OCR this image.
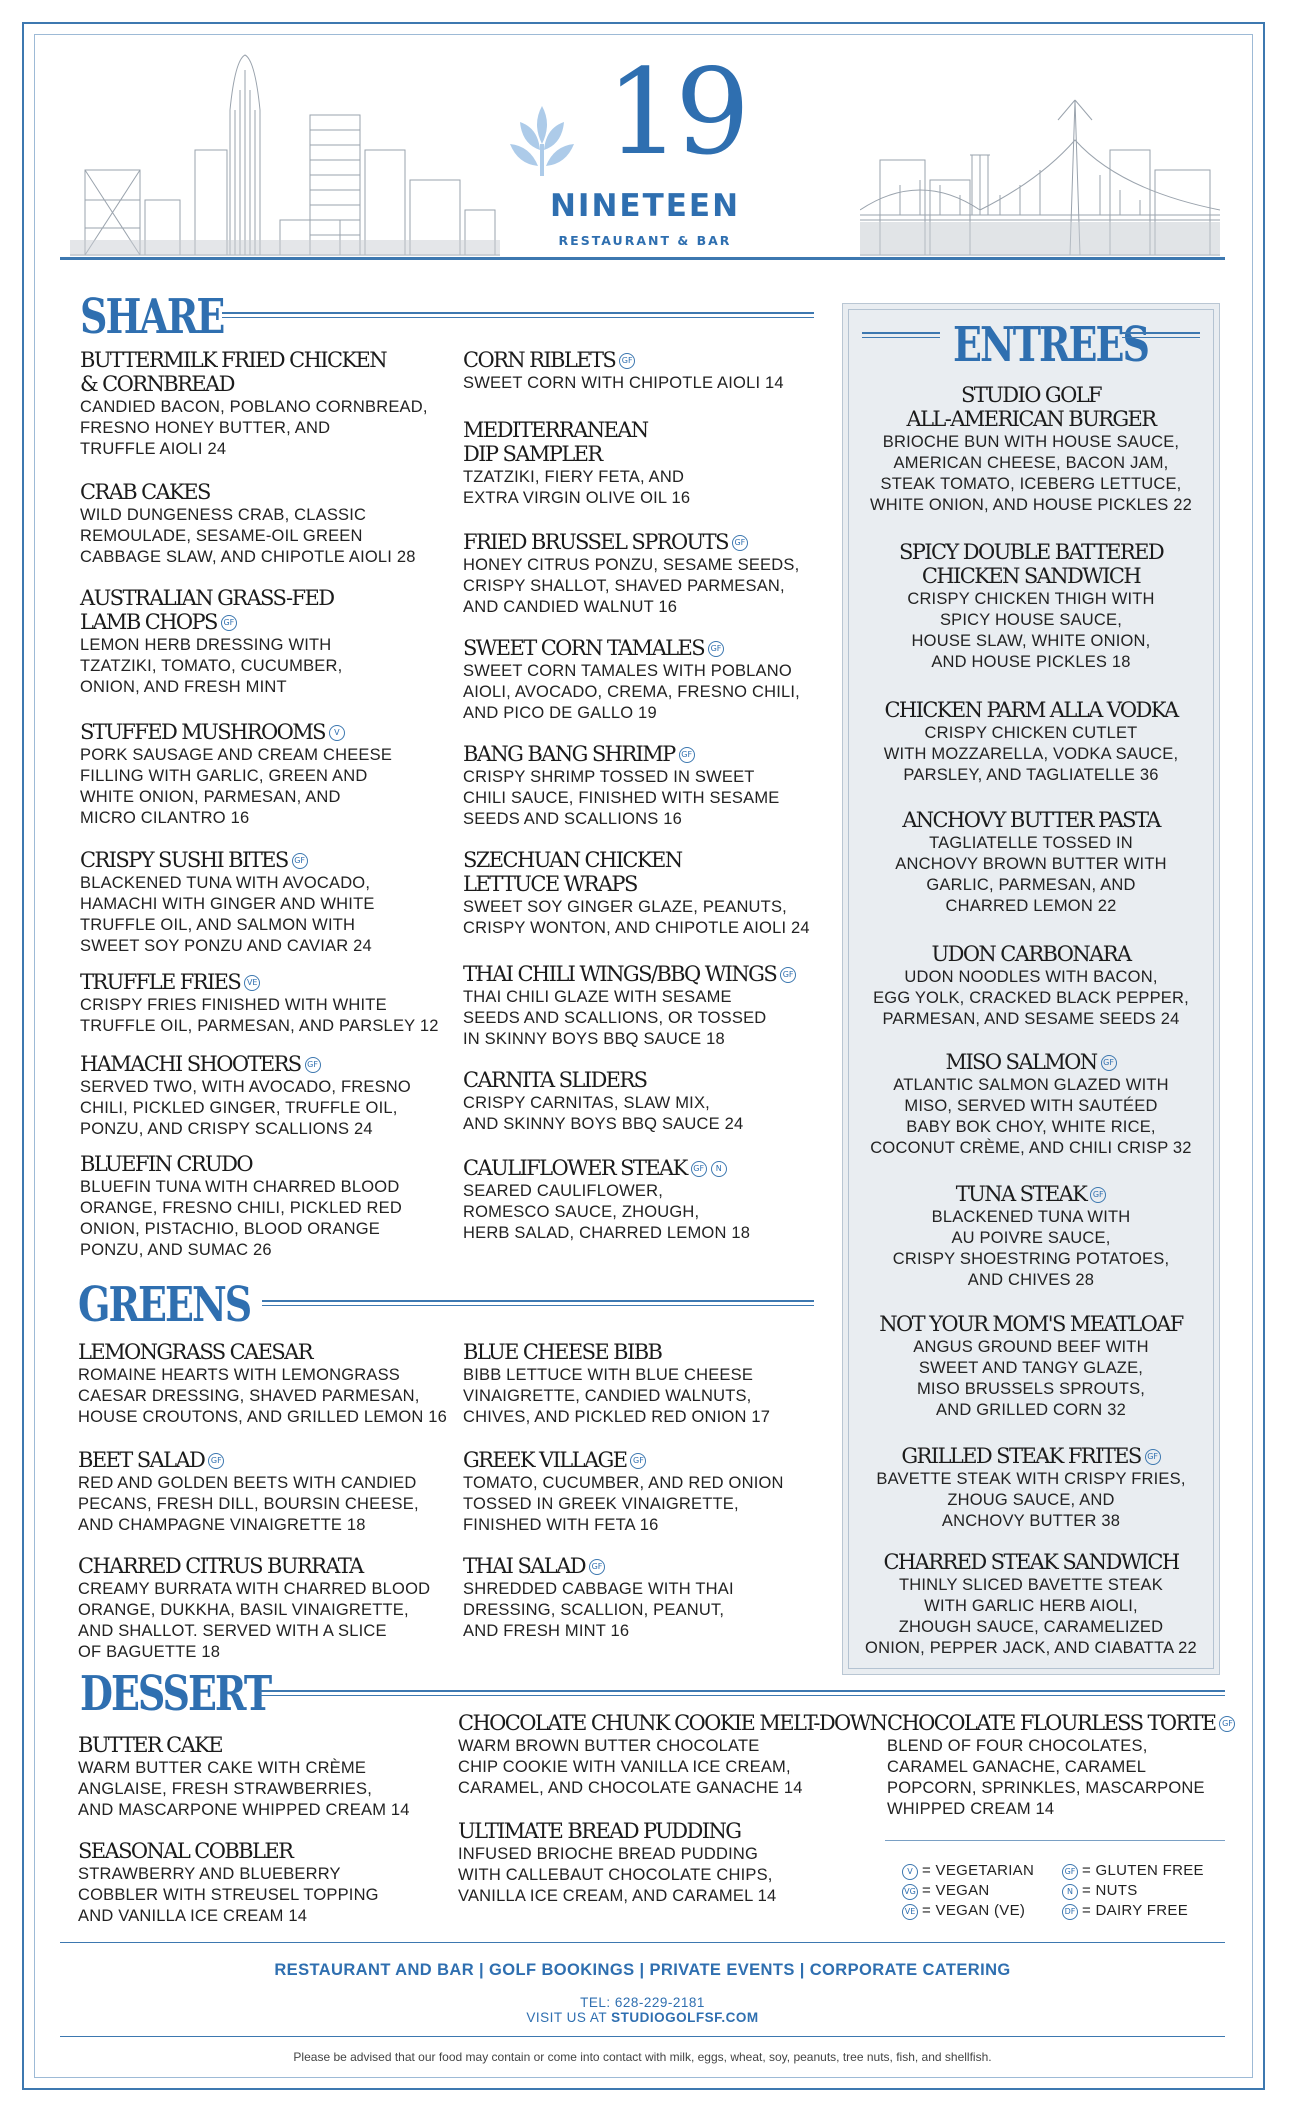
19
NINETEEN
RESTAURANT & BAR
SHARE
GREENS
DESSERT
ENTREES
BUTTERMILK FRIED CHICKEN
& CORNBREAD
CANDIED BACON, POBLANO CORNBREAD,
FRESNO HONEY BUTTER, AND
TRUFFLE AIOLI 24
CRAB CAKES
WILD DUNGENESS CRAB, CLASSIC
REMOULADE, SESAME-OIL GREEN
CABBAGE SLAW, AND CHIPOTLE AIOLI 28
AUSTRALIAN GRASS-FED
LAMB CHOPS GF
LEMON HERB DRESSING WITH
TZATZIKI, TOMATO, CUCUMBER,
ONION, AND FRESH MINT
STUFFED MUSHROOMS V
PORK SAUSAGE AND CREAM CHEESE
FILLING WITH GARLIC, GREEN AND
WHITE ONION, PARMESAN, AND
MICRO CILANTRO 16
CRISPY SUSHI BITES GF
BLACKENED TUNA WITH AVOCADO,
HAMACHI WITH GINGER AND WHITE
TRUFFLE OIL, AND SALMON WITH
SWEET SOY PONZU AND CAVIAR 24
TRUFFLE FRIES VE
CRISPY FRIES FINISHED WITH WHITE
TRUFFLE OIL, PARMESAN, AND PARSLEY 12
HAMACHI SHOOTERS GF
SERVED TWO, WITH AVOCADO, FRESNO
CHILI, PICKLED GINGER, TRUFFLE OIL,
PONZU, AND CRISPY SCALLIONS 24
BLUEFIN CRUDO
BLUEFIN TUNA WITH CHARRED BLOOD
ORANGE, FRESNO CHILI, PICKLED RED
ONION, PISTACHIO, BLOOD ORANGE
PONZU, AND SUMAC 26
CORN RIBLETS GF
SWEET CORN WITH CHIPOTLE AIOLI 14
MEDITERRANEAN
DIP SAMPLER
TZATZIKI, FIERY FETA, AND
EXTRA VIRGIN OLIVE OIL 16
FRIED BRUSSEL SPROUTS GF
HONEY CITRUS PONZU, SESAME SEEDS,
CRISPY SHALLOT, SHAVED PARMESAN,
AND CANDIED WALNUT 16
SWEET CORN TAMALES GF
SWEET CORN TAMALES WITH POBLANO
AIOLI, AVOCADO, CREMA, FRESNO CHILI,
AND PICO DE GALLO 19
BANG BANG SHRIMP GF
CRISPY SHRIMP TOSSED IN SWEET
CHILI SAUCE, FINISHED WITH SESAME
SEEDS AND SCALLIONS 16
SZECHUAN CHICKEN
LETTUCE WRAPS
SWEET SOY GINGER GLAZE, PEANUTS,
CRISPY WONTON, AND CHIPOTLE AIOLI 24
THAI CHILI WINGS/BBQ WINGS GF
THAI CHILI GLAZE WITH SESAME
SEEDS AND SCALLIONS, OR TOSSED
IN SKINNY BOYS BBQ SAUCE 18
CARNITA SLIDERS
CRISPY CARNITAS, SLAW MIX,
AND SKINNY BOYS BBQ SAUCE 24
CAULIFLOWER STEAK GF N
SEARED CAULIFLOWER,
ROMESCO SAUCE, ZHOUGH,
HERB SALAD, CHARRED LEMON 18
LEMONGRASS CAESAR
ROMAINE HEARTS WITH LEMONGRASS
CAESAR DRESSING, SHAVED PARMESAN,
HOUSE CROUTONS, AND GRILLED LEMON 16
BEET SALAD GF
RED AND GOLDEN BEETS WITH CANDIED
PECANS, FRESH DILL, BOURSIN CHEESE,
AND CHAMPAGNE VINAIGRETTE 18
CHARRED CITRUS BURRATA
CREAMY BURRATA WITH CHARRED BLOOD
ORANGE, DUKKHA, BASIL VINAIGRETTE,
AND SHALLOT. SERVED WITH A SLICE
OF BAGUETTE 18
BLUE CHEESE BIBB
BIBB LETTUCE WITH BLUE CHEESE
VINAIGRETTE, CANDIED WALNUTS,
CHIVES, AND PICKLED RED ONION 17
GREEK VILLAGE GF
TOMATO, CUCUMBER, AND RED ONION
TOSSED IN GREEK VINAIGRETTE,
FINISHED WITH FETA 16
THAI SALAD GF
SHREDDED CABBAGE WITH THAI
DRESSING, SCALLION, PEANUT,
AND FRESH MINT 16
STUDIO GOLF
ALL-AMERICAN BURGER
BRIOCHE BUN WITH HOUSE SAUCE,
AMERICAN CHEESE, BACON JAM,
STEAK TOMATO, ICEBERG LETTUCE,
WHITE ONION, AND HOUSE PICKLES 22
SPICY DOUBLE BATTERED
CHICKEN SANDWICH
CRISPY CHICKEN THIGH WITH
SPICY HOUSE SAUCE,
HOUSE SLAW, WHITE ONION,
AND HOUSE PICKLES 18
CHICKEN PARM ALLA VODKA
CRISPY CHICKEN CUTLET
WITH MOZZARELLA, VODKA SAUCE,
PARSLEY, AND TAGLIATELLE 36
ANCHOVY BUTTER PASTA
TAGLIATELLE TOSSED IN
ANCHOVY BROWN BUTTER WITH
GARLIC, PARMESAN, AND
CHARRED LEMON 22
UDON CARBONARA
UDON NOODLES WITH BACON,
EGG YOLK, CRACKED BLACK PEPPER,
PARMESAN, AND SESAME SEEDS 24
MISO SALMON GF
ATLANTIC SALMON GLAZED WITH
MISO, SERVED WITH SAUTÉED
BABY BOK CHOY, WHITE RICE,
COCONUT CRÈME, AND CHILI CRISP 32
TUNA STEAK GF
BLACKENED TUNA WITH
AU POIVRE SAUCE,
CRISPY SHOESTRING POTATOES,
AND CHIVES 28
NOT YOUR MOM'S MEATLOAF
ANGUS GROUND BEEF WITH
SWEET AND TANGY GLAZE,
MISO BRUSSELS SPROUTS,
AND GRILLED CORN 32
GRILLED STEAK FRITES GF
BAVETTE STEAK WITH CRISPY FRIES,
ZHOUG SAUCE, AND
ANCHOVY BUTTER 38
CHARRED STEAK SANDWICH
THINLY SLICED BAVETTE STEAK
WITH GARLIC HERB AIOLI,
ZHOUGH SAUCE, CARAMELIZED
ONION, PEPPER JACK, AND CIABATTA 22
BUTTER CAKE
WARM BUTTER CAKE WITH CRÈME
ANGLAISE, FRESH STRAWBERRIES,
AND MASCARPONE WHIPPED CREAM 14
SEASONAL COBBLER
STRAWBERRY AND BLUEBERRY
COBBLER WITH STREUSEL TOPPING
AND VANILLA ICE CREAM 14
CHOCOLATE CHUNK COOKIE MELT-DOWN
WARM BROWN BUTTER CHOCOLATE
CHIP COOKIE WITH VANILLA ICE CREAM,
CARAMEL, AND CHOCOLATE GANACHE 14
ULTIMATE BREAD PUDDING
INFUSED BRIOCHE BREAD PUDDING
WITH CALLEBAUT CHOCOLATE CHIPS,
VANILLA ICE CREAM, AND CARAMEL 14
CHOCOLATE FLOURLESS TORTE GF
BLEND OF FOUR CHOCOLATES,
CARAMEL GANACHE, CARAMEL
POPCORN, SPRINKLES, MASCARPONE
WHIPPED CREAM 14
V = VEGETARIAN
VG = VEGAN
VE = VEGAN (VE)
GF = GLUTEN FREE
N = NUTS
DF = DAIRY FREE
RESTAURANT AND BAR | GOLF BOOKINGS | PRIVATE EVENTS | CORPORATE CATERING
TEL: 628-229-2181
VISIT US AT STUDIOGOLFSF.COM
Please be advised that our food may contain or come into contact with milk, eggs, wheat, soy, peanuts, tree nuts, fish, and shellfish.
